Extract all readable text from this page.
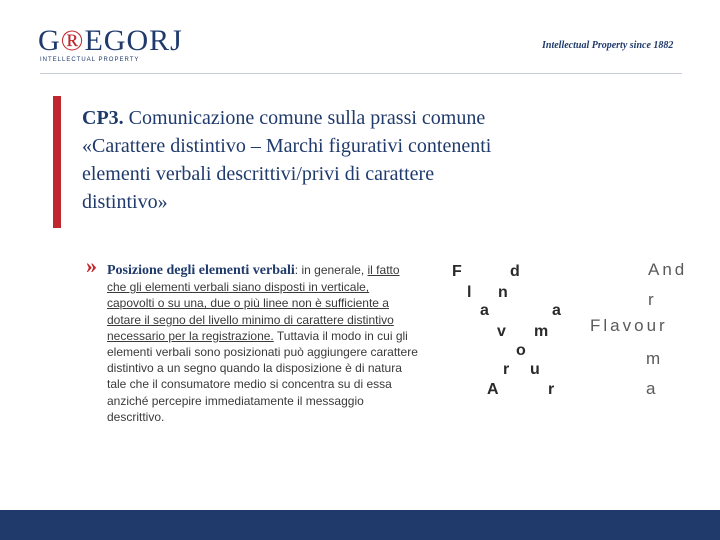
G®EGORJ
INTELLECTUAL PROPERTY
Intellectual Property since 1882
CP3. Comunicazione comune sulla prassi comune «Carattere distintivo – Marchi figurativi contenenti elementi verbali descrittivi/privi di carattere distintivo»
» Posizione degli elementi verbali: in generale, il fatto che gli elementi verbali siano disposti in verticale, capovolti o su una, due o più linee non è sufficiente a dotare il segno del livello minimo di carattere distintivo necessario per la registrazione. Tuttavia il modo in cui gli elementi verbali sono posizionati può aggiungere carattere distintivo a un segno quando la disposizione è di natura tale che il consumatore medio si concentra su di essa anziché percepire immediatamente il messaggio descrittivo.
F	d
l n
a	a
v m
o
r u
A	r
And
r
Flavour
m
a
